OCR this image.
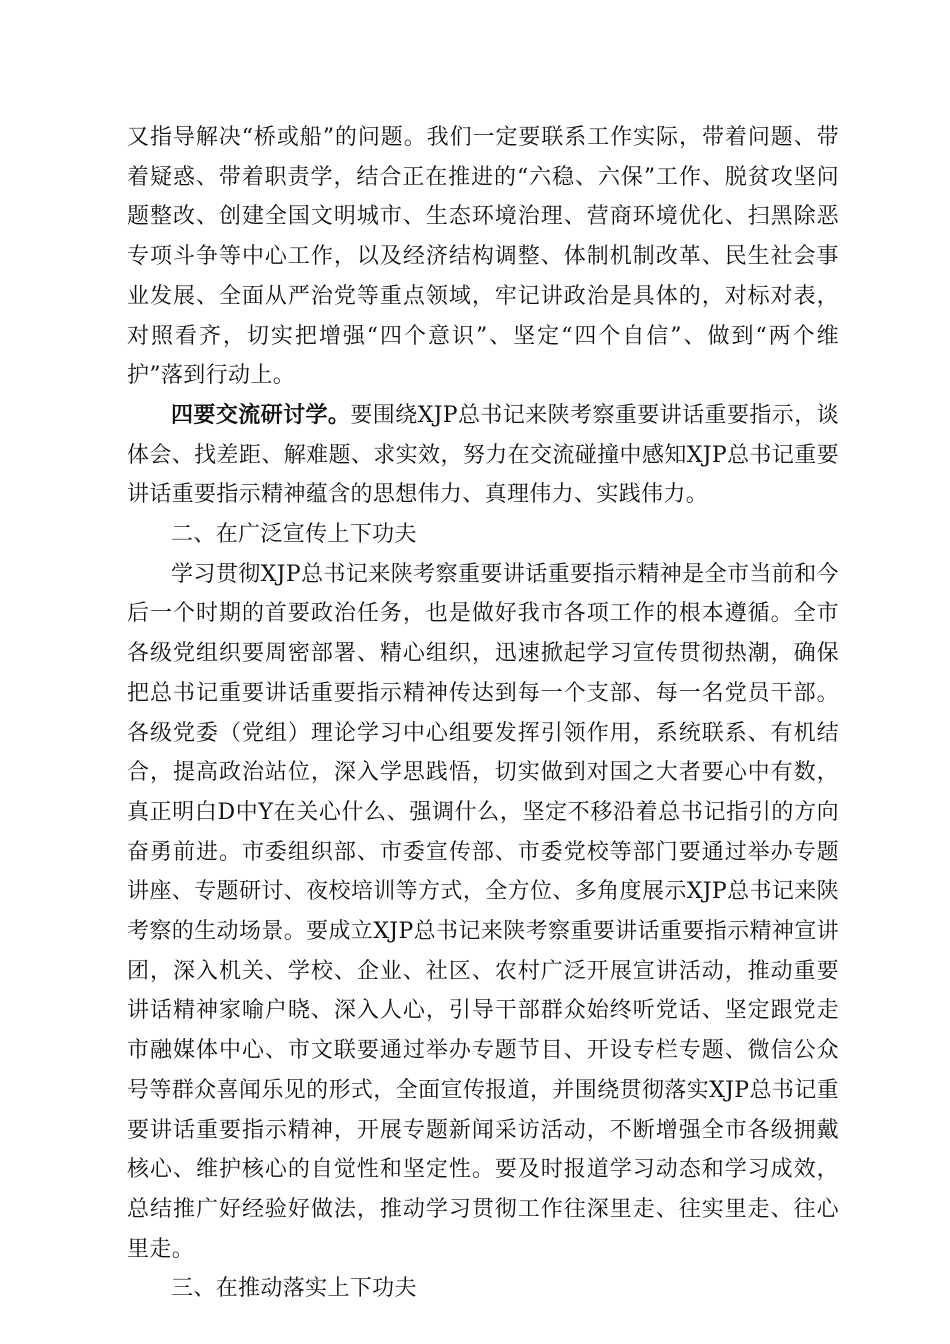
又指导解决“桥或船”的问题。我们一定要联系工作实际，带着问题、带着疑惑、带着职责学，结合正在推进的“六稳、六保”工作、脱贫攻坚问题整改、创建全国文明城市、生态环境治理、营商环境优化、扫黑除恶专项斗争等中心工作，以及经济结构调整、体制机制改革、民生社会事业发展、全面从严治党等重点领域，牢记讲政治是具体的，对标对表，对照看齐，切实把增强“四个意识”、坚定“四个自信”、做到“两个维护”落到行动上。

四要交流研讨学。要围绕XJP总书记来陕考察重要讲话重要指示，谈体会、找差距、解难题、求实效，努力在交流碰撞中感知XJP总书记重要讲话重要指示精神蕴含的思想伟力、真理伟力、实践伟力。

二、在广泛宣传上下功夫

学习贯彻XJP总书记来陕考察重要讲话重要指示精神是全市当前和今后一个时期的首要政治任务，也是做好我市各项工作的根本遵循。全市各级党组织要周密部署、精心组织，迅速掀起学习宣传贯彻热潮，确保把总书记重要讲话重要指示精神传达到每一个支部、每一名党员干部。各级党委（党组）理论学习中心组要发挥引领作用，系统联系、有机结合，提高政治站位，深入学思践悟，切实做到对国之大者要心中有数，真正明白D中Y在关心什么、强调什么，坚定不移沿着总书记指引的方向奋勇前进。市委组织部、市委宣传部、市委党校等部门要通过举办专题讲座、专题研讨、夜校培训等方式，全方位、多角度展示XJP总书记来陕考察的生动场景。要成立XJP总书记来陕考察重要讲话重要指示精神宣讲团，深入机关、学校、企业、社区、农村广泛开展宣讲活动，推动重要讲话精神家喻户晓、深入人心，引导干部群众始终听党话、坚定跟党走市融媒体中心、市文联要通过举办专题节目、开设专栏专题、微信公众号等群众喜闻乐见的形式，全面宣传报道，并围绕贯彻落实XJP总书记重要讲话重要指示精神，开展专题新闻采访活动，不断增强全市各级拥戴核心、维护核心的自觉性和坚定性。要及时报道学习动态和学习成效，总结推广好经验好做法，推动学习贯彻工作往深里走、往实里走、往心里走。

三、在推动落实上下功夫
